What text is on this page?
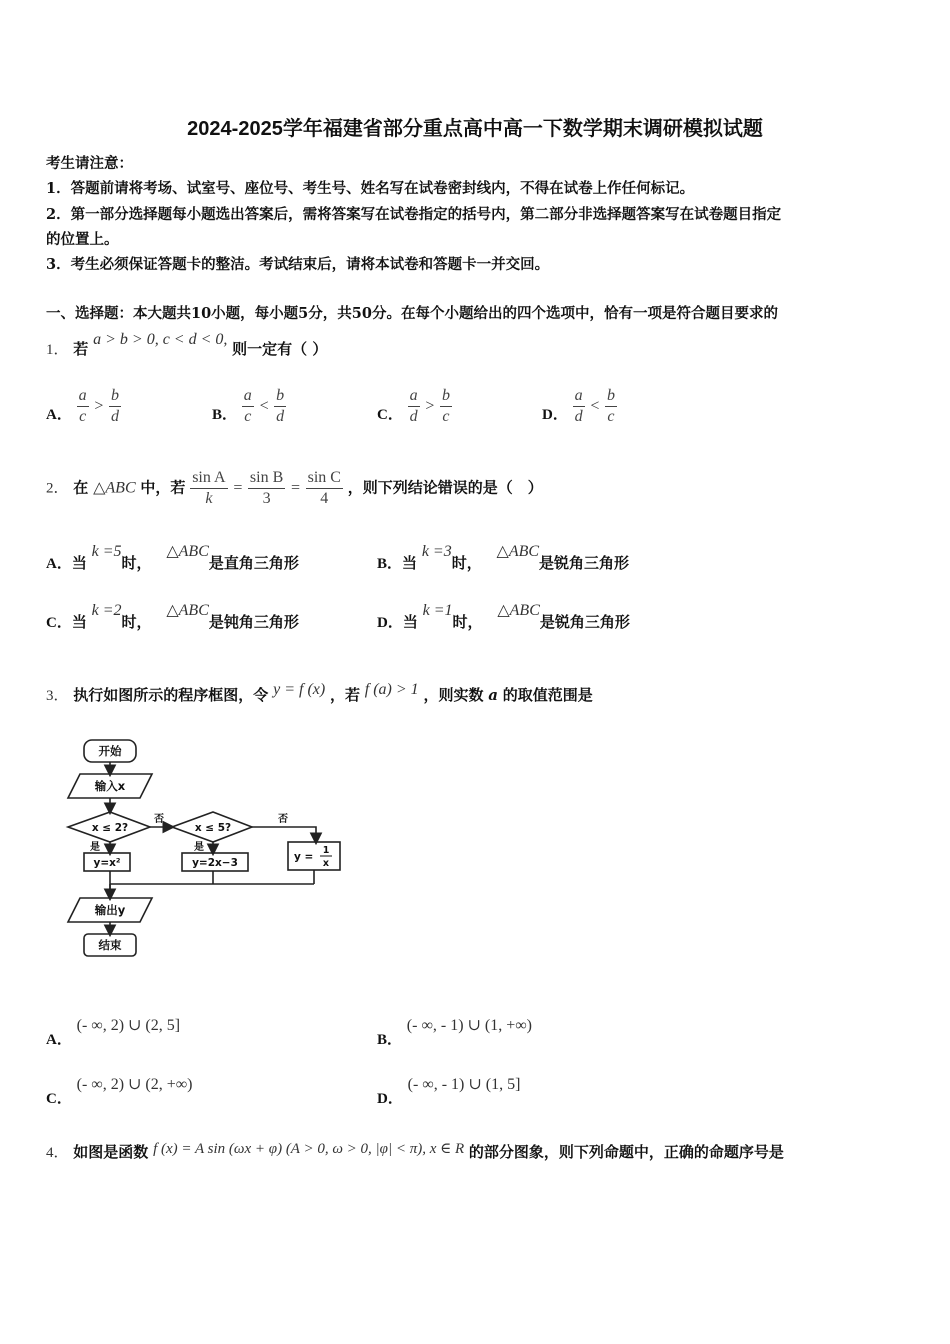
2024-2025学年福建省部分重点高中高一下数学期末调研模拟试题
考生请注意：
1．答题前请将考场、试室号、座位号、考生号、姓名写在试卷密封线内，不得在试卷上作任何标记。
2．第一部分选择题每小题选出答案后，需将答案写在试卷指定的括号内，第二部分非选择题答案写在试卷题目指定
的位置上。
3．考生必须保证答题卡的整洁。考试结束后，请将本试卷和答题卡一并交回。
一、选择题：本大题共10小题，每小题5分，共50分。在每个小题给出的四个选项中，恰有一项是符合题目要求的
1． 若 a > b > 0, c < d < 0, 则一定有（ ）
A． $\frac{a}{c} > \frac{b}{d}$	B． $\frac{a}{c} < \frac{b}{d}$	C． $\frac{a}{d} > \frac{b}{c}$	D． $\frac{a}{d} < \frac{b}{c}$
2． 在 △ABC 中，若 $\frac{\text{sin A}}{k} = \frac{\text{sin B}}{3} = \frac{\text{sin C}}{4}$ ，则下列结论错误的是（　）
A．当 k =5时， △ABC是直角三角形	B．当 k =3时， △ABC是锐角三角形
C．当 k =2时， △ABC是钝角三角形	D．当 k =1时， △ABC是锐角三角形
3． 执行如图所示的程序框图，令 y = f (x) ，若 f (a) > 1 ，则实数 a 的取值范围是
开始
输入x
x ≤ 2?	x ≤ 5?
否	否
是	是
y=x²	y=2x−3	y =
1
x
输出y
结束
A． (- ∞, 2) ∪ (2, 5]
B． (- ∞, - 1) ∪ (1, +∞)
C． (- ∞, 2) ∪ (2, +∞)
D． (- ∞, - 1) ∪ (1, 5]
4． 如图是函数 f (x) = A sin (ωx + φ) (A > 0, ω > 0, |φ| < π), x ∈ R 的部分图象，则下列命题中，正确的命题序号是
